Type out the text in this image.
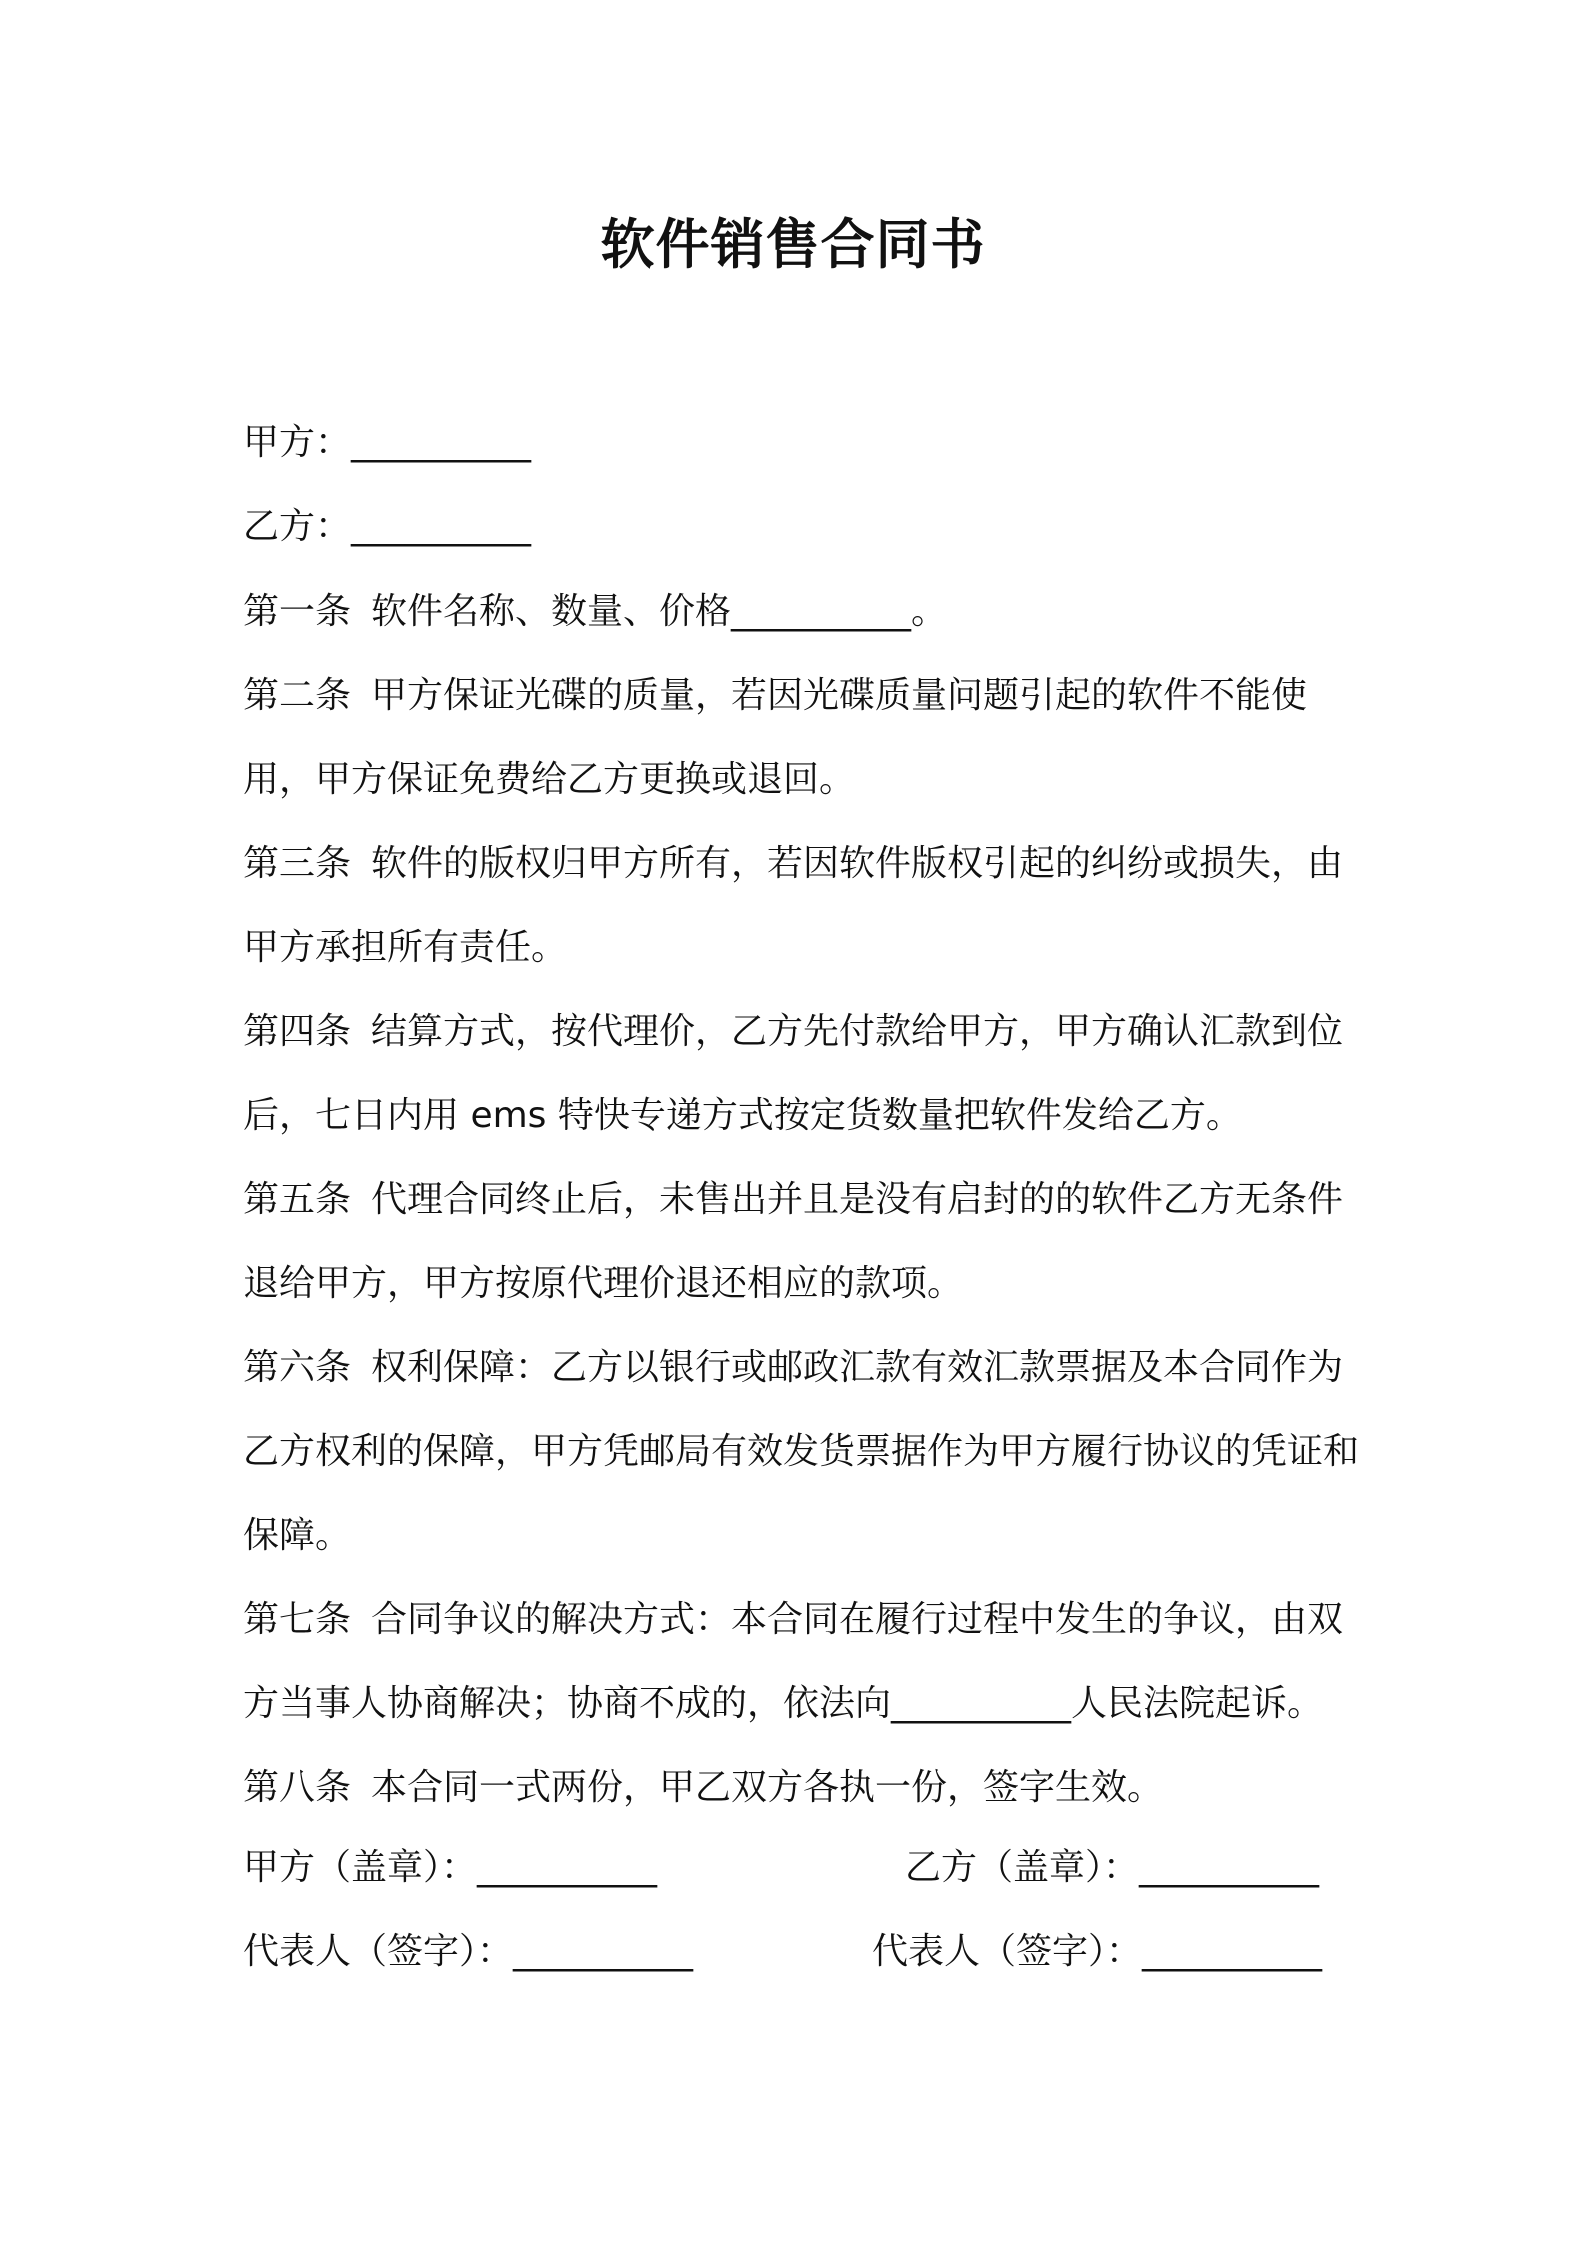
软件销售合同书
甲方：__________
乙方：__________

第一条 软件名称、数量、价格__________。

第二条 甲方保证光碟的质量，若因光碟质量问题引起的软件不能使用，甲方保证免费给乙方更换或退回。

第三条 软件的版权归甲方所有，若因软件版权引起的纠纷或损失，由甲方承担所有责任。

第四条 结算方式，按代理价，乙方先付款给甲方，甲方确认汇款到位后，七日内用 ems 特快专递方式按定货数量把软件发给乙方。

第五条 代理合同终止后，未售出并且是没有启封的的软件乙方无条件退给甲方，甲方按原代理价退还相应的款项。

第六条 权利保障：乙方以银行或邮政汇款有效汇款票据及本合同作为乙方权利的保障，甲方凭邮局有效发货票据作为甲方履行协议的凭证和保障。

第七条 合同争议的解决方式：本合同在履行过程中发生的争议，由双方当事人协商解决；协商不成的，依法向__________人民法院起诉。

第八条 本合同一式两份，甲乙双方各执一份，签字生效。

甲方（盖章）：__________	乙方（盖章）：__________
代表人（签字）：__________	代表人（签字）：__________
